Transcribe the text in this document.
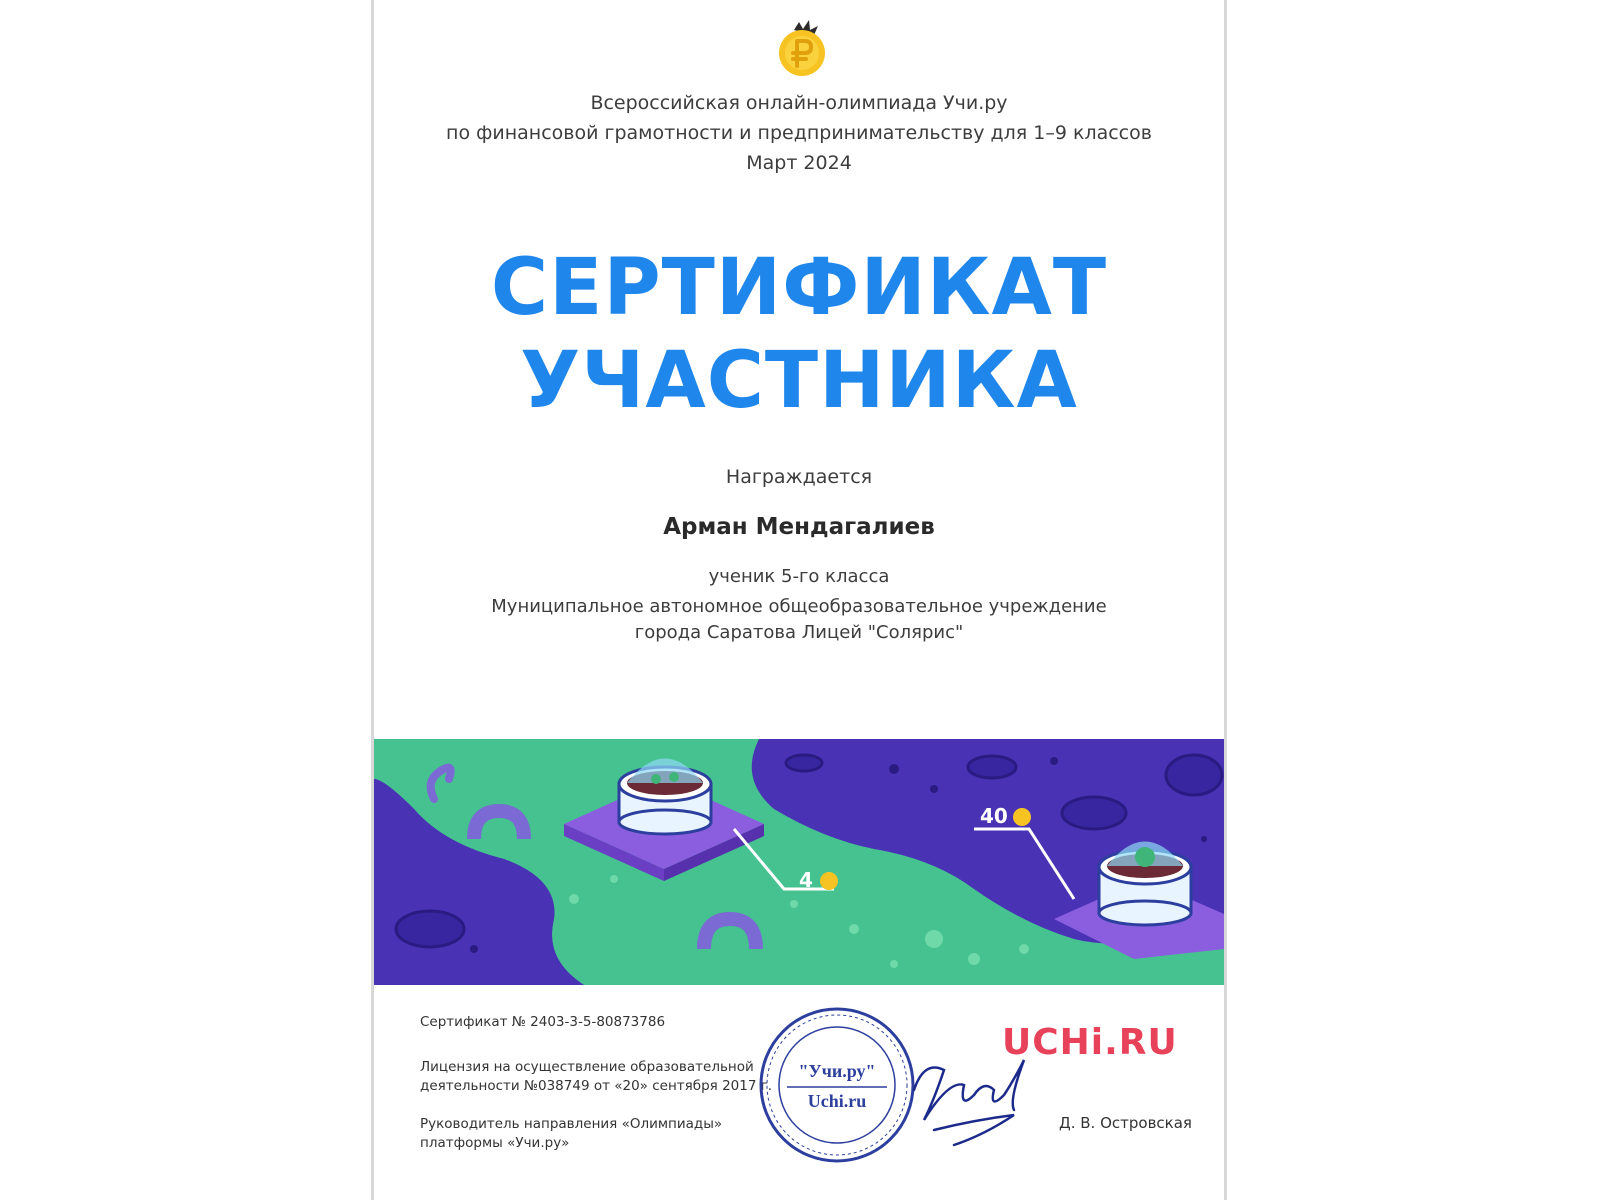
Всероссийская онлайн-олимпиада Учи.ру
по финансовой грамотности и предпринимательству для 1–9 классов
Март 2024
СЕРТИФИКАТ
УЧАСТНИКА
Награждается
Арман Мендагалиев
ученик 5-го класса
Муниципальное автономное общеобразовательное учреждение
города Саратова Лицей "Солярис"
4
40
Сертификат № 2403-3-5-80873786
Лицензия на осуществление образовательной
деятельности №038749 от «20» сентября 2017 г.
Руководитель направления «Олимпиады»
платформы «Учи.ру»
"Учи.ру"
Uchi.ru
UCHi.RU
Д. В. Островская
